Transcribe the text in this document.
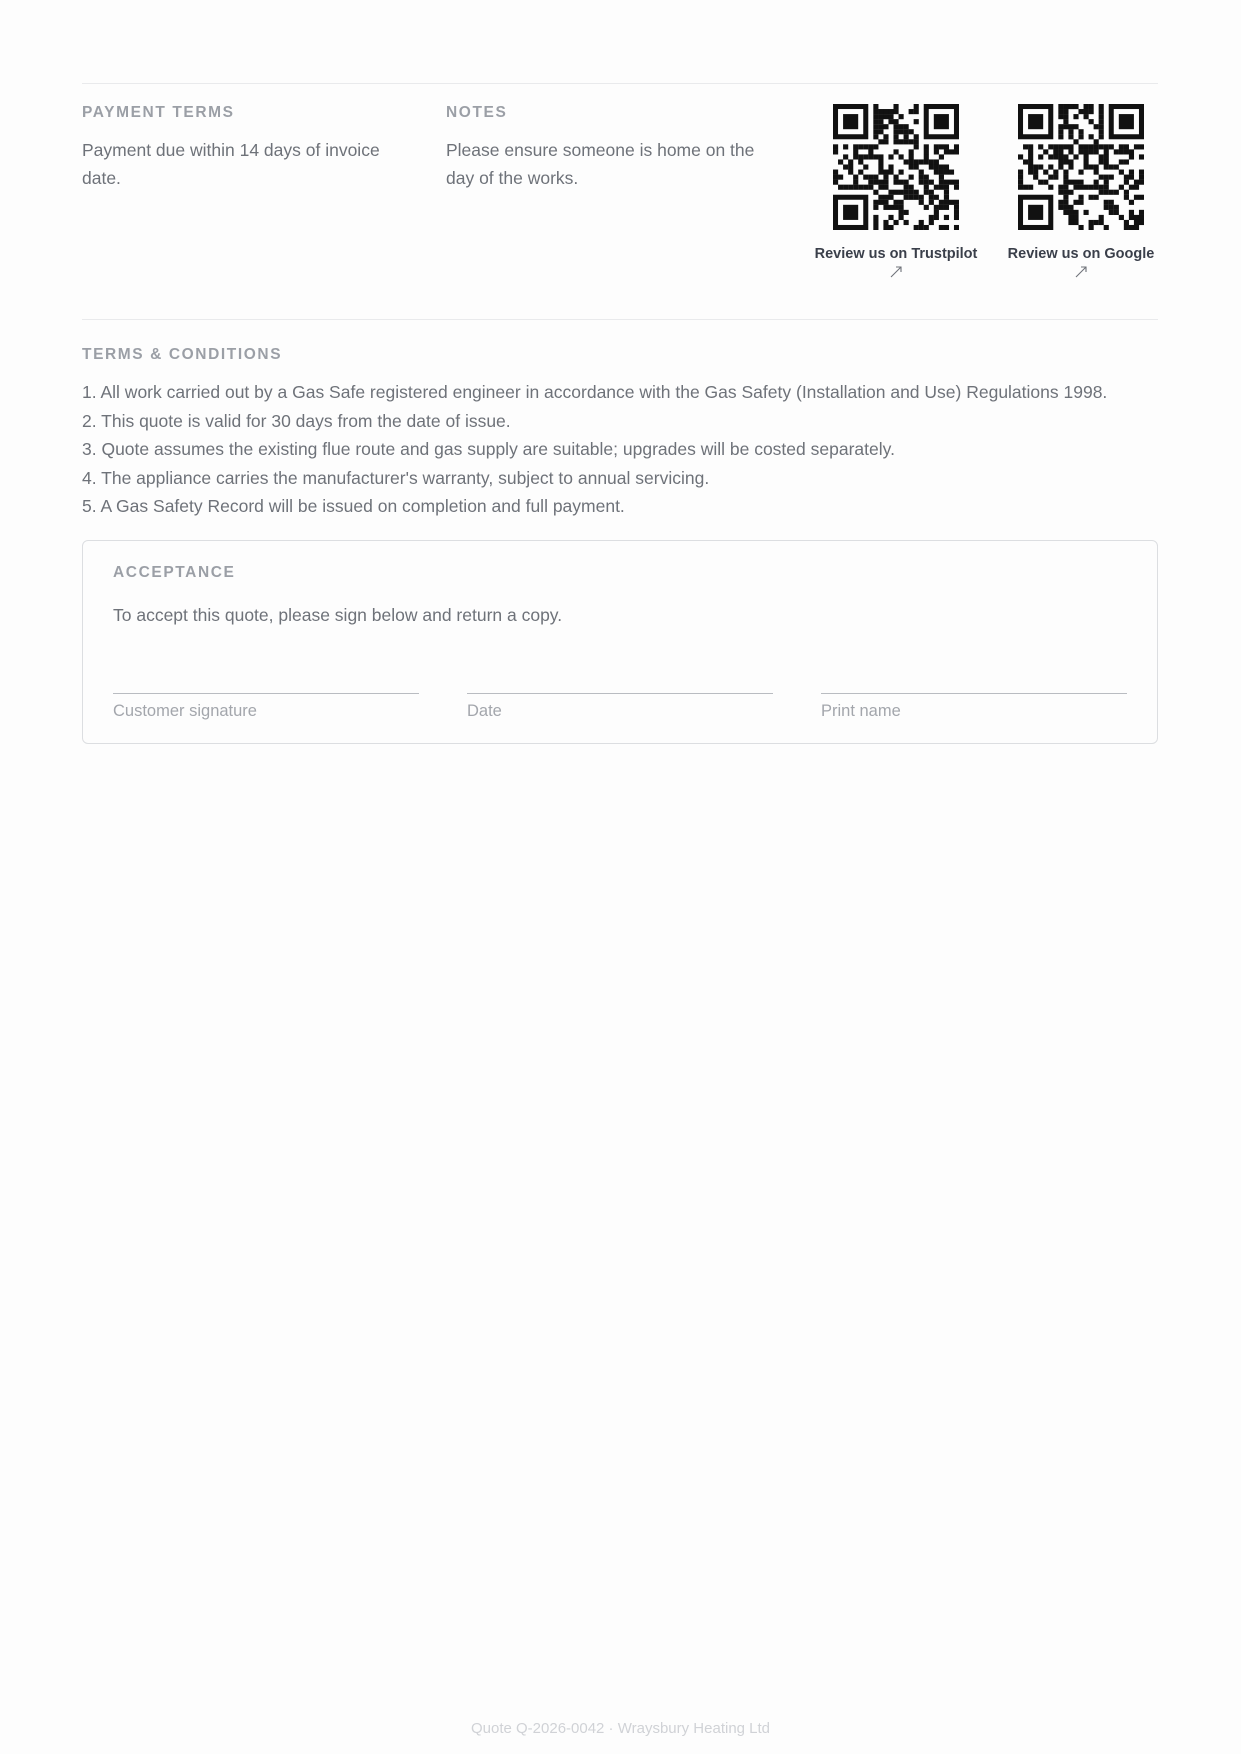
PAYMENT TERMS

Payment due within 14 days of invoice date.

NOTES

Please ensure someone is home on the day of the works.

Review us on Trustpilot	Review us on Google

TERMS & CONDITIONS

1. All work carried out by a Gas Safe registered engineer in accordance with the Gas Safety (Installation and Use) Regulations 1998.
2. This quote is valid for 30 days from the date of issue.
3. Quote assumes the existing flue route and gas supply are suitable; upgrades will be costed separately.
4. The appliance carries the manufacturer's warranty, subject to annual servicing.
5. A Gas Safety Record will be issued on completion and full payment.

ACCEPTANCE

To accept this quote, please sign below and return a copy.

Customer signature	Date	Print name
Quote Q-2026-0042 · Wraysbury Heating Ltd
